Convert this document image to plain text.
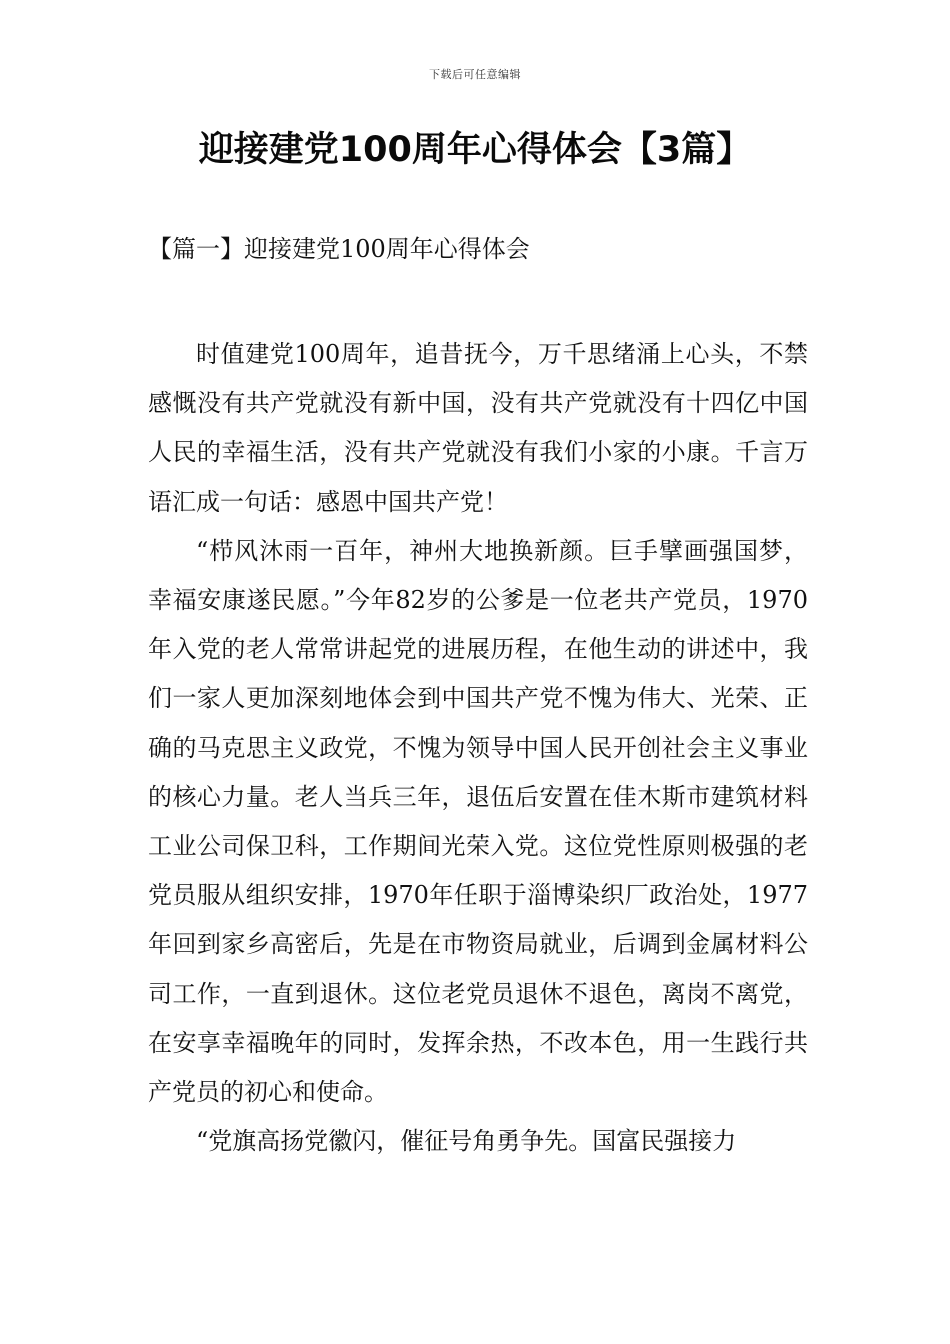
下载后可任意编辑
迎接建党100周年心得体会【3篇】
【篇一】迎接建党100周年心得体会

时值建党100周年，追昔抚今，万千思绪涌上心头，不禁感慨没有共产党就没有新中国，没有共产党就没有十四亿中国人民的幸福生活，没有共产党就没有我们小家的小康。千言万语汇成一句话：感恩中国共产党！

“栉风沐雨一百年，神州大地换新颜。巨手擘画强国梦，幸福安康遂民愿。”今年82岁的公爹是一位老共产党员，1970年入党的老人常常讲起党的进展历程，在他生动的讲述中，我们一家人更加深刻地体会到中国共产党不愧为伟大、光荣、正确的马克思主义政党，不愧为领导中国人民开创社会主义事业的核心力量。老人当兵三年，退伍后安置在佳木斯市建筑材料工业公司保卫科，工作期间光荣入党。这位党性原则极强的老党员服从组织安排，1970年任职于淄博染织厂政治处，1977年回到家乡高密后，先是在市物资局就业，后调到金属材料公司工作，一直到退休。这位老党员退休不退色，离岗不离党，在安享幸福晚年的同时，发挥余热，不改本色，用一生践行共产党员的初心和使命。

“党旗高扬党徽闪，催征号角勇争先。国富民强接力
